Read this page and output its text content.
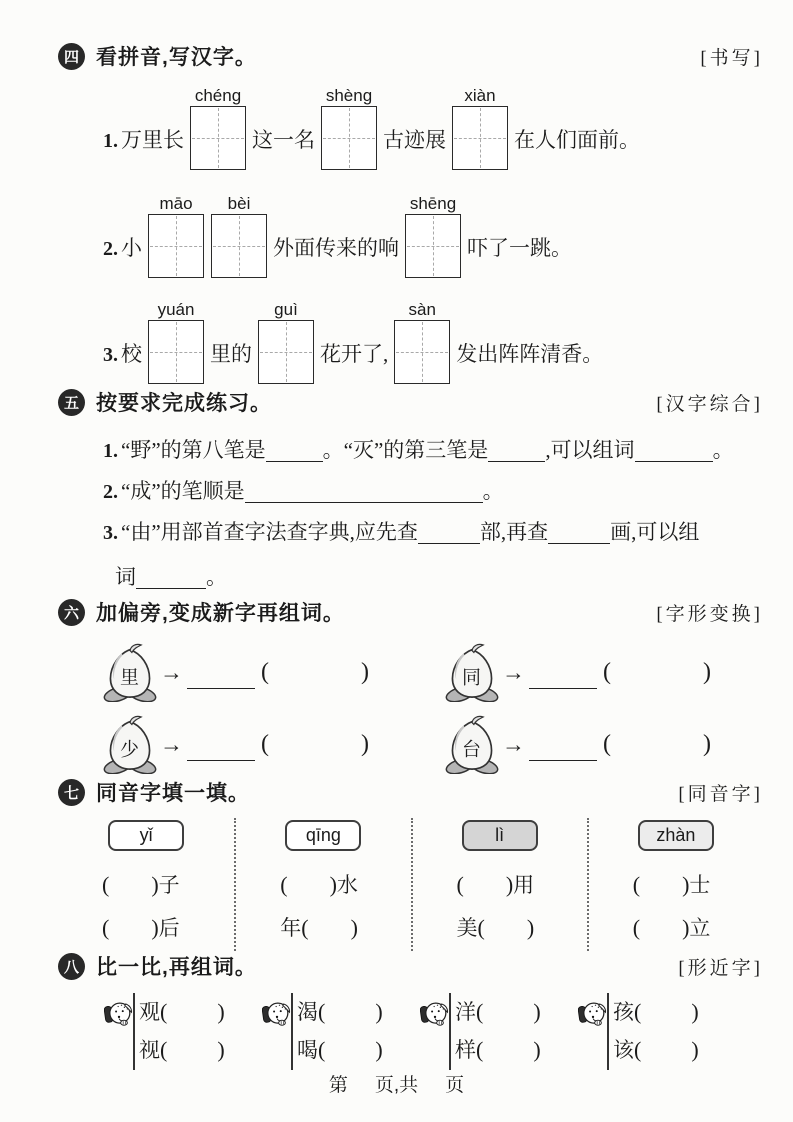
四 看拼音,写汉字。	[书写]
1. 万里长
chéng
这一名
shèng
古迹展
xiàn
在人们面前。
2. 小
māo bèi
外面传来的响
shēng
吓了一跳。
3. 校
yuán
里的
guì
花开了,
sàn
发出阵阵清香。
五 按要求完成练习。	[汉字综合]
1. “野”的第八笔是	。“灭”的第三笔是	,可以组词	。
2. “成”的笔顺是	。
3. “由”用部首查字法查字典,应先查	部,再查	画,可以组
词	。
六 加偏旁,变成新字再组词。	[字形变换]
里 →	(	)	同 →	(	)
少 →	(	)	台 →	(	)
七 同音字填一填。	[同音字]
yǐ
( )子
( )后
qīng
( )水
年( )
lì
( )用
美( )
zhàn
( )士
( )立
八 比一比,再组词。	[形近字]
观( )
视( )
渴( )
喝( )
洋( )
样( )
孩( )
该( )
第 页,共 页
